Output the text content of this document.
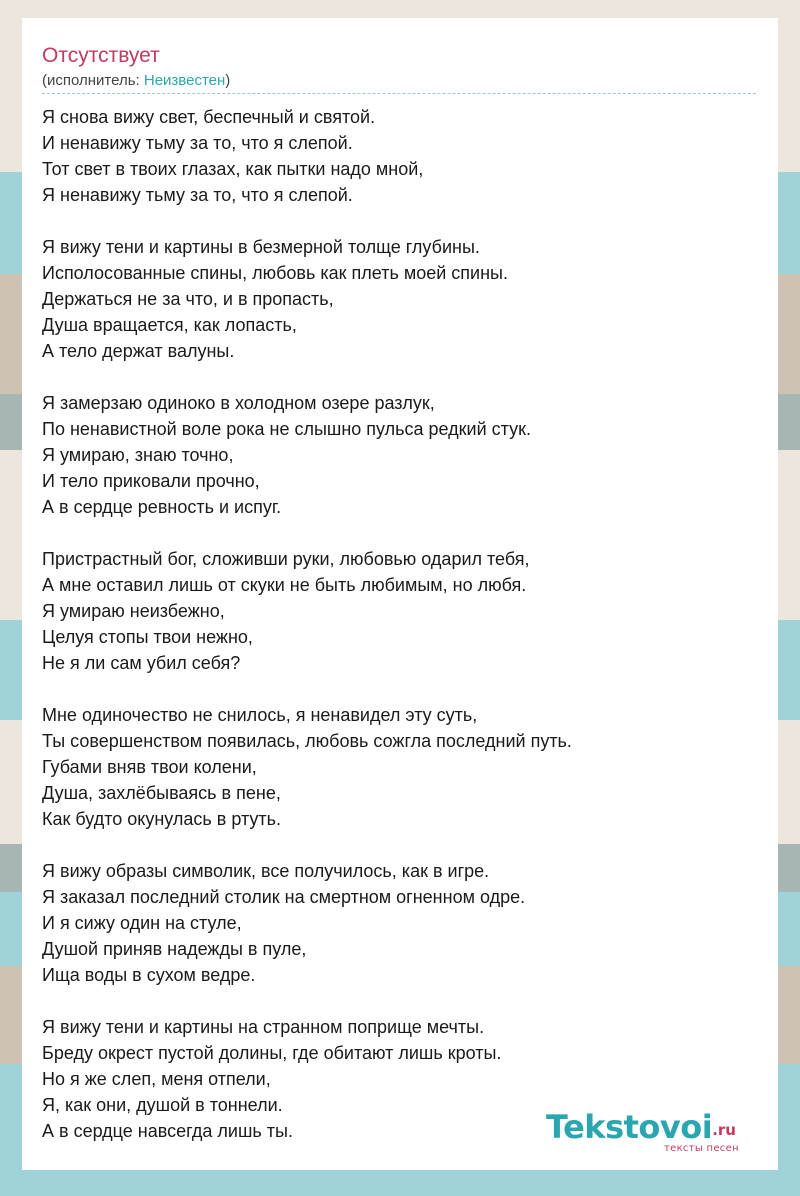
Отсутствует
(исполнитель: Неизвестен)
Я снова вижу свет, беспечный и святой.
И ненавижу тьму за то, что я слепой.
Тот свет в твоих глазах, как пытки надо мной,
Я ненавижу тьму за то, что я слепой.
Я вижу тени и картины в безмерной толще глубины.
Исполосованные спины, любовь как плеть моей спины.
Держаться не за что, и в пропасть,
Душа вращается, как лопасть,
А тело держат валуны.
Я замерзаю одиноко в холодном озере разлук,
По ненавистной воле рока не слышно пульса редкий стук.
Я умираю, знаю точно,
И тело приковали прочно,
А в сердце ревность и испуг.
Пристрастный бог, сложивши руки, любовью одарил тебя,
А мне оставил лишь от скуки не быть любимым, но любя.
Я умираю неизбежно,
Целуя стопы твои нежно,
Не я ли сам убил себя?
Мне одиночество не снилось, я ненавидел эту суть,
Ты совершенством появилась, любовь сожгла последний путь.
Губами вняв твои колени,
Душа, захлёбываясь в пене,
Как будто окунулась в ртуть.
Я вижу образы символик, все получилось, как в игре.
Я заказал последний столик на смертном огненном одре.
И я сижу один на стуле,
Душой приняв надежды в пуле,
Ища воды в сухом ведре.
Я вижу тени и картины на странном поприще мечты.
Бреду окрест пустой долины, где обитают лишь кроты.
Но я же слеп, меня отпели,
Я, как они, душой в тоннели.
А в сердце навсегда лишь ты.	Tekstovoi.ru
тексты песен
